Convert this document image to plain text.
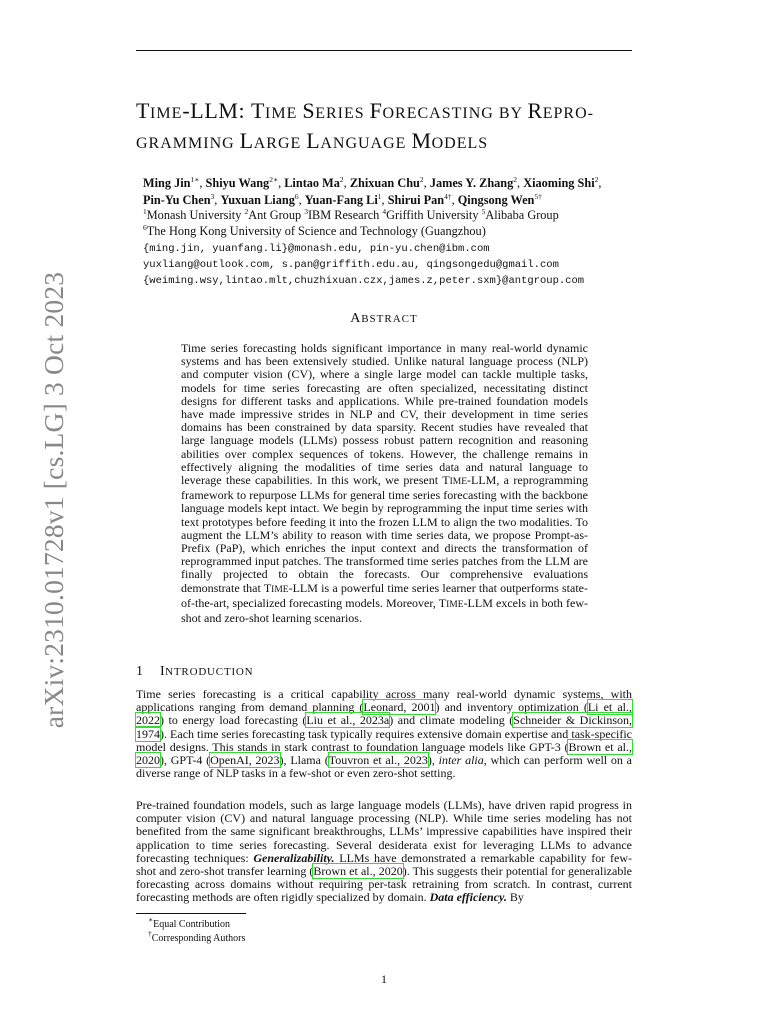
arXiv:2310.01728v1 [cs.LG] 3 Oct 2023
TIME-LLM: TIME SERIES FORECASTING BY REPRO-
GRAMMING LARGE LANGUAGE MODELS
Ming Jin$^{1∗}$, Shiyu Wang$^{2∗}$, Lintao Ma$^2$, Zhixuan Chu$^2$, James Y. Zhang$^2$, Xiaoming Shi$^2$,
Pin-Yu Chen$^3$, Yuxuan Liang$^6$, Yuan-Fang Li$^1$, Shirui Pan$^{4\dagger}$, Qingsong Wen$^{5\dagger}$
$^1$Monash University $^2$Ant Group $^3$IBM Research $^4$Griffith University $^5$Alibaba Group
$^6$The Hong Kong University of Science and Technology (Guangzhou)
{ming.jin, yuanfang.li}@monash.edu, pin-yu.chen@ibm.com
yuxliang@outlook.com, s.pan@griffith.edu.au, qingsongedu@gmail.com
{weiming.wsy,lintao.mlt,chuzhixuan.czx,james.z,peter.sxm}@antgroup.com
ABSTRACT
Time series forecasting holds significant importance in many real-world dynamic systems and has been extensively studied. Unlike natural language process (NLP) and computer vision (CV), where a single large model can tackle multiple tasks, models for time series forecasting are often specialized, necessitating distinct designs for different tasks and applications. While pre-trained foundation models have made impressive strides in NLP and CV, their development in time series domains has been constrained by data sparsity. Recent studies have revealed that large language models (LLMs) possess robust pattern recognition and reasoning abilities over complex sequences of tokens. However, the challenge remains in effectively aligning the modalities of time series data and natural language to leverage these capabilities. In this work, we present TIME-LLM, a reprogramming framework to repurpose LLMs for general time series forecasting with the backbone language models kept intact. We begin by reprogramming the input time series with text prototypes before feeding it into the frozen LLM to align the two modalities. To augment the LLM’s ability to reason with time series data, we propose Prompt-as-Prefix (PaP), which enriches the input context and directs the transformation of reprogrammed input patches. The transformed time series patches from the LLM are finally projected to obtain the forecasts. Our comprehensive evaluations demonstrate that TIME-LLM is a powerful time series learner that outperforms state-of-the-art, specialized forecasting models. Moreover, TIME-LLM excels in both few-shot and zero-shot learning scenarios.
1 INTRODUCTION
Time series forecasting is a critical capability across many real-world dynamic systems, with applications ranging from demand planning (Leonard, 2001) and inventory optimization (Li et al., 2022) to energy load forecasting (Liu et al., 2023a) and climate modeling (Schneider & Dickinson, 1974). Each time series forecasting task typically requires extensive domain expertise and task-specific model designs. This stands in stark contrast to foundation language models like GPT-3 (Brown et al., 2020), GPT-4 (OpenAI, 2023), Llama (Touvron et al., 2023), inter alia, which can perform well on a diverse range of NLP tasks in a few-shot or even zero-shot setting.
Pre-trained foundation models, such as large language models (LLMs), have driven rapid progress in computer vision (CV) and natural language processing (NLP). While time series modeling has not benefited from the same significant breakthroughs, LLMs’ impressive capabilities have inspired their application to time series forecasting. Several desiderata exist for leveraging LLMs to advance forecasting techniques: Generalizability. LLMs have demonstrated a remarkable capability for few-shot and zero-shot transfer learning (Brown et al., 2020). This suggests their potential for generalizable forecasting across domains without requiring per-task retraining from scratch. In contrast, current forecasting methods are often rigidly specialized by domain. Data efficiency. By
∗Equal Contribution
†Corresponding Authors
1
